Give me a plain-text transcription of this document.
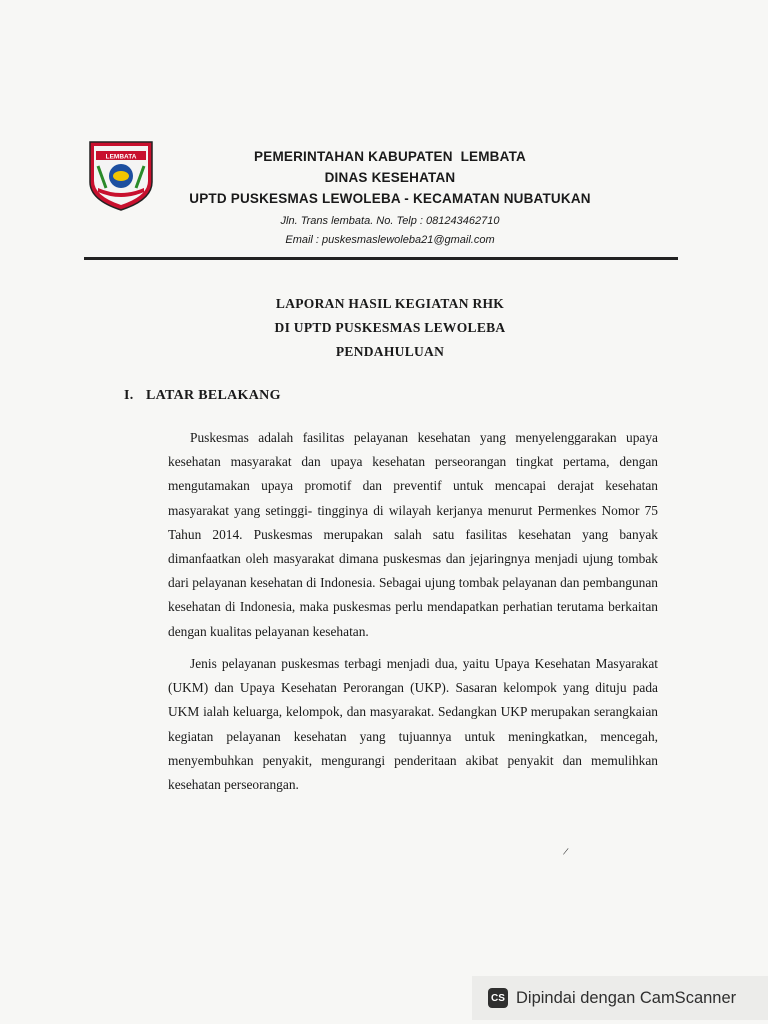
LEMBATA	PEMERINTAHAN KABUPATEN  LEMBATA
DINAS KESEHATAN
UPTD PUSKESMAS LEWOLEBA - KECAMATAN NUBATUKAN
Jln. Trans lembata. No. Telp : 081243462710
Email : puskesmaslewoleba21@gmail.com
LAPORAN HASIL KEGIATAN RHK
DI UPTD PUSKESMAS LEWOLEBA
PENDAHULUAN
I. LATAR BELAKANG

Puskesmas adalah fasilitas pelayanan kesehatan yang menyelenggarakan upaya kesehatan masyarakat dan upaya kesehatan perseorangan tingkat pertama, dengan mengutamakan upaya promotif dan preventif untuk mencapai derajat kesehatan masyarakat yang setinggi- tingginya di wilayah kerjanya menurut Permenkes Nomor 75 Tahun 2014. Puskesmas merupakan salah satu fasilitas kesehatan yang banyak dimanfaatkan oleh masyarakat dimana puskesmas dan jejaringnya menjadi ujung tombak dari pelayanan kesehatan di Indonesia. Sebagai ujung tombak pelayanan dan pembangunan kesehatan di Indonesia, maka puskesmas perlu mendapatkan perhatian terutama berkaitan dengan kualitas pelayanan kesehatan.

Jenis pelayanan puskesmas terbagi menjadi dua, yaitu Upaya Kesehatan Masyarakat (UKM) dan Upaya Kesehatan Perorangan (UKP). Sasaran kelompok yang dituju pada UKM ialah keluarga, kelompok, dan masyarakat. Sedangkan UKP merupakan serangkaian kegiatan pelayanan kesehatan yang tujuannya untuk meningkatkan, mencegah, menyembuhkan penyakit, mengurangi penderitaan akibat penyakit dan memulihkan kesehatan perseorangan.

/
CS Dipindai dengan CamScanner
